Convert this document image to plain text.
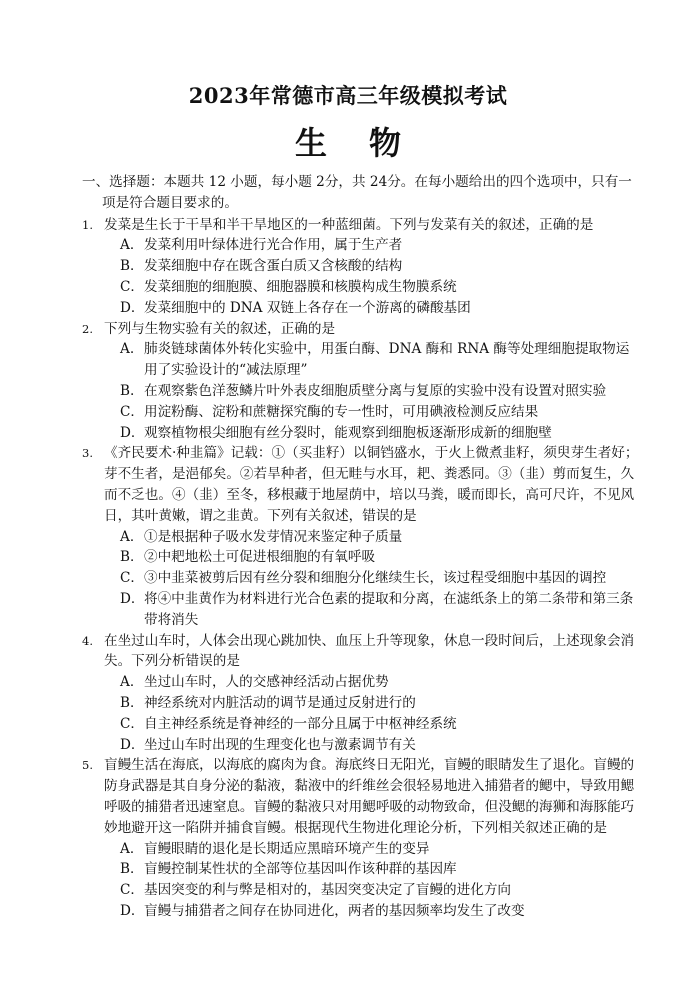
2023年常德市高三年级模拟考试
生物
一、选择题：本题共 12 小题，每小题 2分，共 24分。在每小题给出的四个选项中，只有一项是符合题目要求的。
1. 发菜是生长于干旱和半干旱地区的一种蓝细菌。下列与发菜有关的叙述，正确的是
A． 发菜利用叶绿体进行光合作用，属于生产者
B． 发菜细胞中存在既含蛋白质又含核酸的结构
C． 发菜细胞的细胞膜、细胞器膜和核膜构成生物膜系统
D． 发菜细胞中的 DNA 双链上各存在一个游离的磷酸基团
2. 下列与生物实验有关的叙述，正确的是
A. 肺炎链球菌体外转化实验中，用蛋白酶、DNA 酶和 RNA 酶等处理细胞提取物运用了实验设计的“减法原理”
B. 在观察紫色洋葱鳞片叶外表皮细胞质壁分离与复原的实验中没有设置对照实验
C． 用淀粉酶、淀粉和蔗糖探究酶的专一性时，可用碘液检测反应结果
D． 观察植物根尖细胞有丝分裂时，能观察到细胞板逐渐形成新的细胞壁
3. 《齐民要术·种韭篇》记载：①（买韭籽）以铜铛盛水，于火上微煮韭籽，须臾芽生者好；芽不生者，是浥郁矣。②若旱种者，但无畦与水耳，耙、粪悉同。③（韭）剪而复生，久而不乏也。④（韭）至冬，移根藏于地屋荫中，培以马粪，暖而即长，高可尺许，不见风日，其叶黄嫩，谓之韭黄。下列有关叙述，错误的是
A． ①是根据种子吸水发芽情况来鉴定种子质量
B． ②中耙地松土可促进根细胞的有氧呼吸
C． ③中韭菜被剪后因有丝分裂和细胞分化继续生长，该过程受细胞中基因的调控
D． 将④中韭黄作为材料进行光合色素的提取和分离，在滤纸条上的第二条带和第三条带将消失
4. 在坐过山车时，人体会出现心跳加快、血压上升等现象，休息一段时间后，上述现象会消失。下列分析错误的是
A． 坐过山车时，人的交感神经活动占据优势
B． 神经系统对内脏活动的调节是通过反射进行的
C． 自主神经系统是脊神经的一部分且属于中枢神经系统
D． 坐过山车时出现的生理变化也与激素调节有关
5. 盲鳗生活在海底，以海底的腐肉为食。海底终日无阳光，盲鳗的眼睛发生了退化。盲鳗的防身武器是其自身分泌的黏液，黏液中的纤维丝会很轻易地进入捕猎者的鳃中，导致用鳃呼吸的捕猎者迅速窒息。盲鳗的黏液只对用鳃呼吸的动物致命，但没鳃的海狮和海豚能巧妙地避开这一陷阱并捕食盲鳗。根据现代生物进化理论分析，下列相关叙述正确的是
A． 盲鳗眼睛的退化是长期适应黑暗环境产生的变异
B． 盲鳗控制某性状的全部等位基因叫作该种群的基因库
C． 基因突变的利与弊是相对的，基因突变决定了盲鳗的进化方向
D． 盲鳗与捕猎者之间存在协同进化，两者的基因频率均发生了改变
